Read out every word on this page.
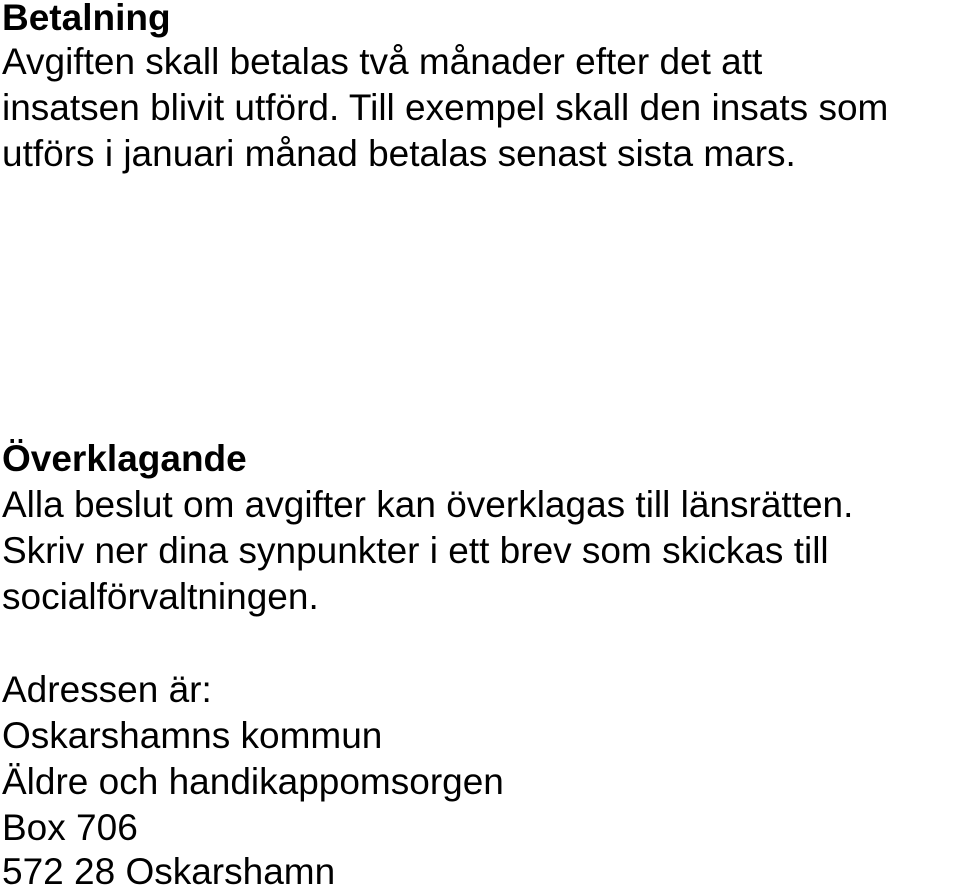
Betalning

Avgiften skall betalas två månader efter det att

insatsen blivit utförd. Till exempel skall den insats som

utförs i januari månad betalas senast sista mars.

Överklagande

Alla beslut om avgifter kan överklagas till länsrätten.

Skriv ner dina synpunkter i ett brev som skickas till

socialförvaltningen.

Adressen är:

Oskarshamns kommun

Äldre och handikappomsorgen

Box 706

572 28 Oskarshamn
